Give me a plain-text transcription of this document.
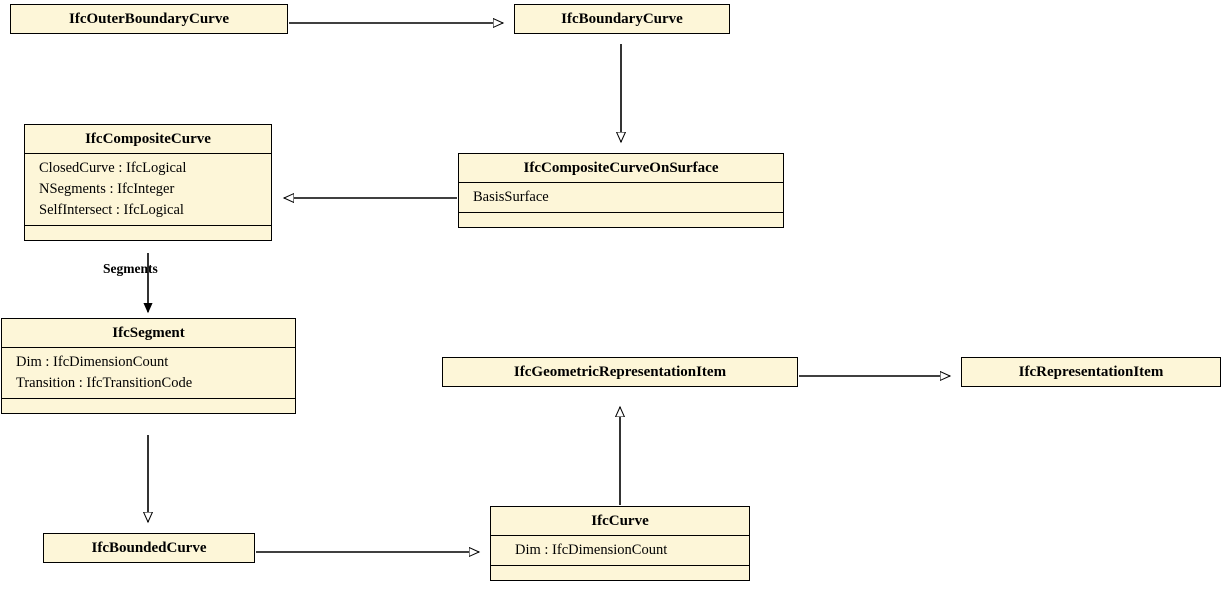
IfcOuterBoundaryCurve	IfcBoundaryCurve
IfcCompositeCurve
ClosedCurve : IfcLogical
NSegments : IfcInteger
SelfIntersect : IfcLogical
IfcCompositeCurveOnSurface
BasisSurface
IfcSegment
Dim : IfcDimensionCount
Transition : IfcTransitionCode
IfcGeometricRepresentationItem	IfcRepresentationItem
IfcBoundedCurve
IfcCurve
Dim : IfcDimensionCount
Segments
